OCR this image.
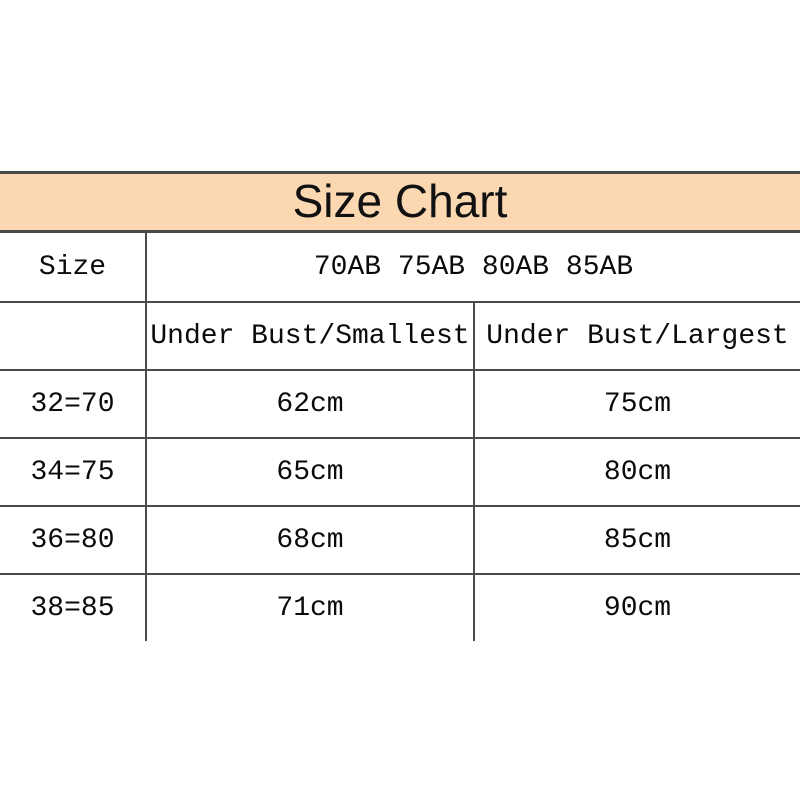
Size Chart
Size	70AB 75AB 80AB 85AB	
	Under Bust/Smallest	Under Bust/Largest
32=70	62cm	75cm
34=75	65cm	80cm
36=80	68cm	85cm
38=85	71cm	90cm
